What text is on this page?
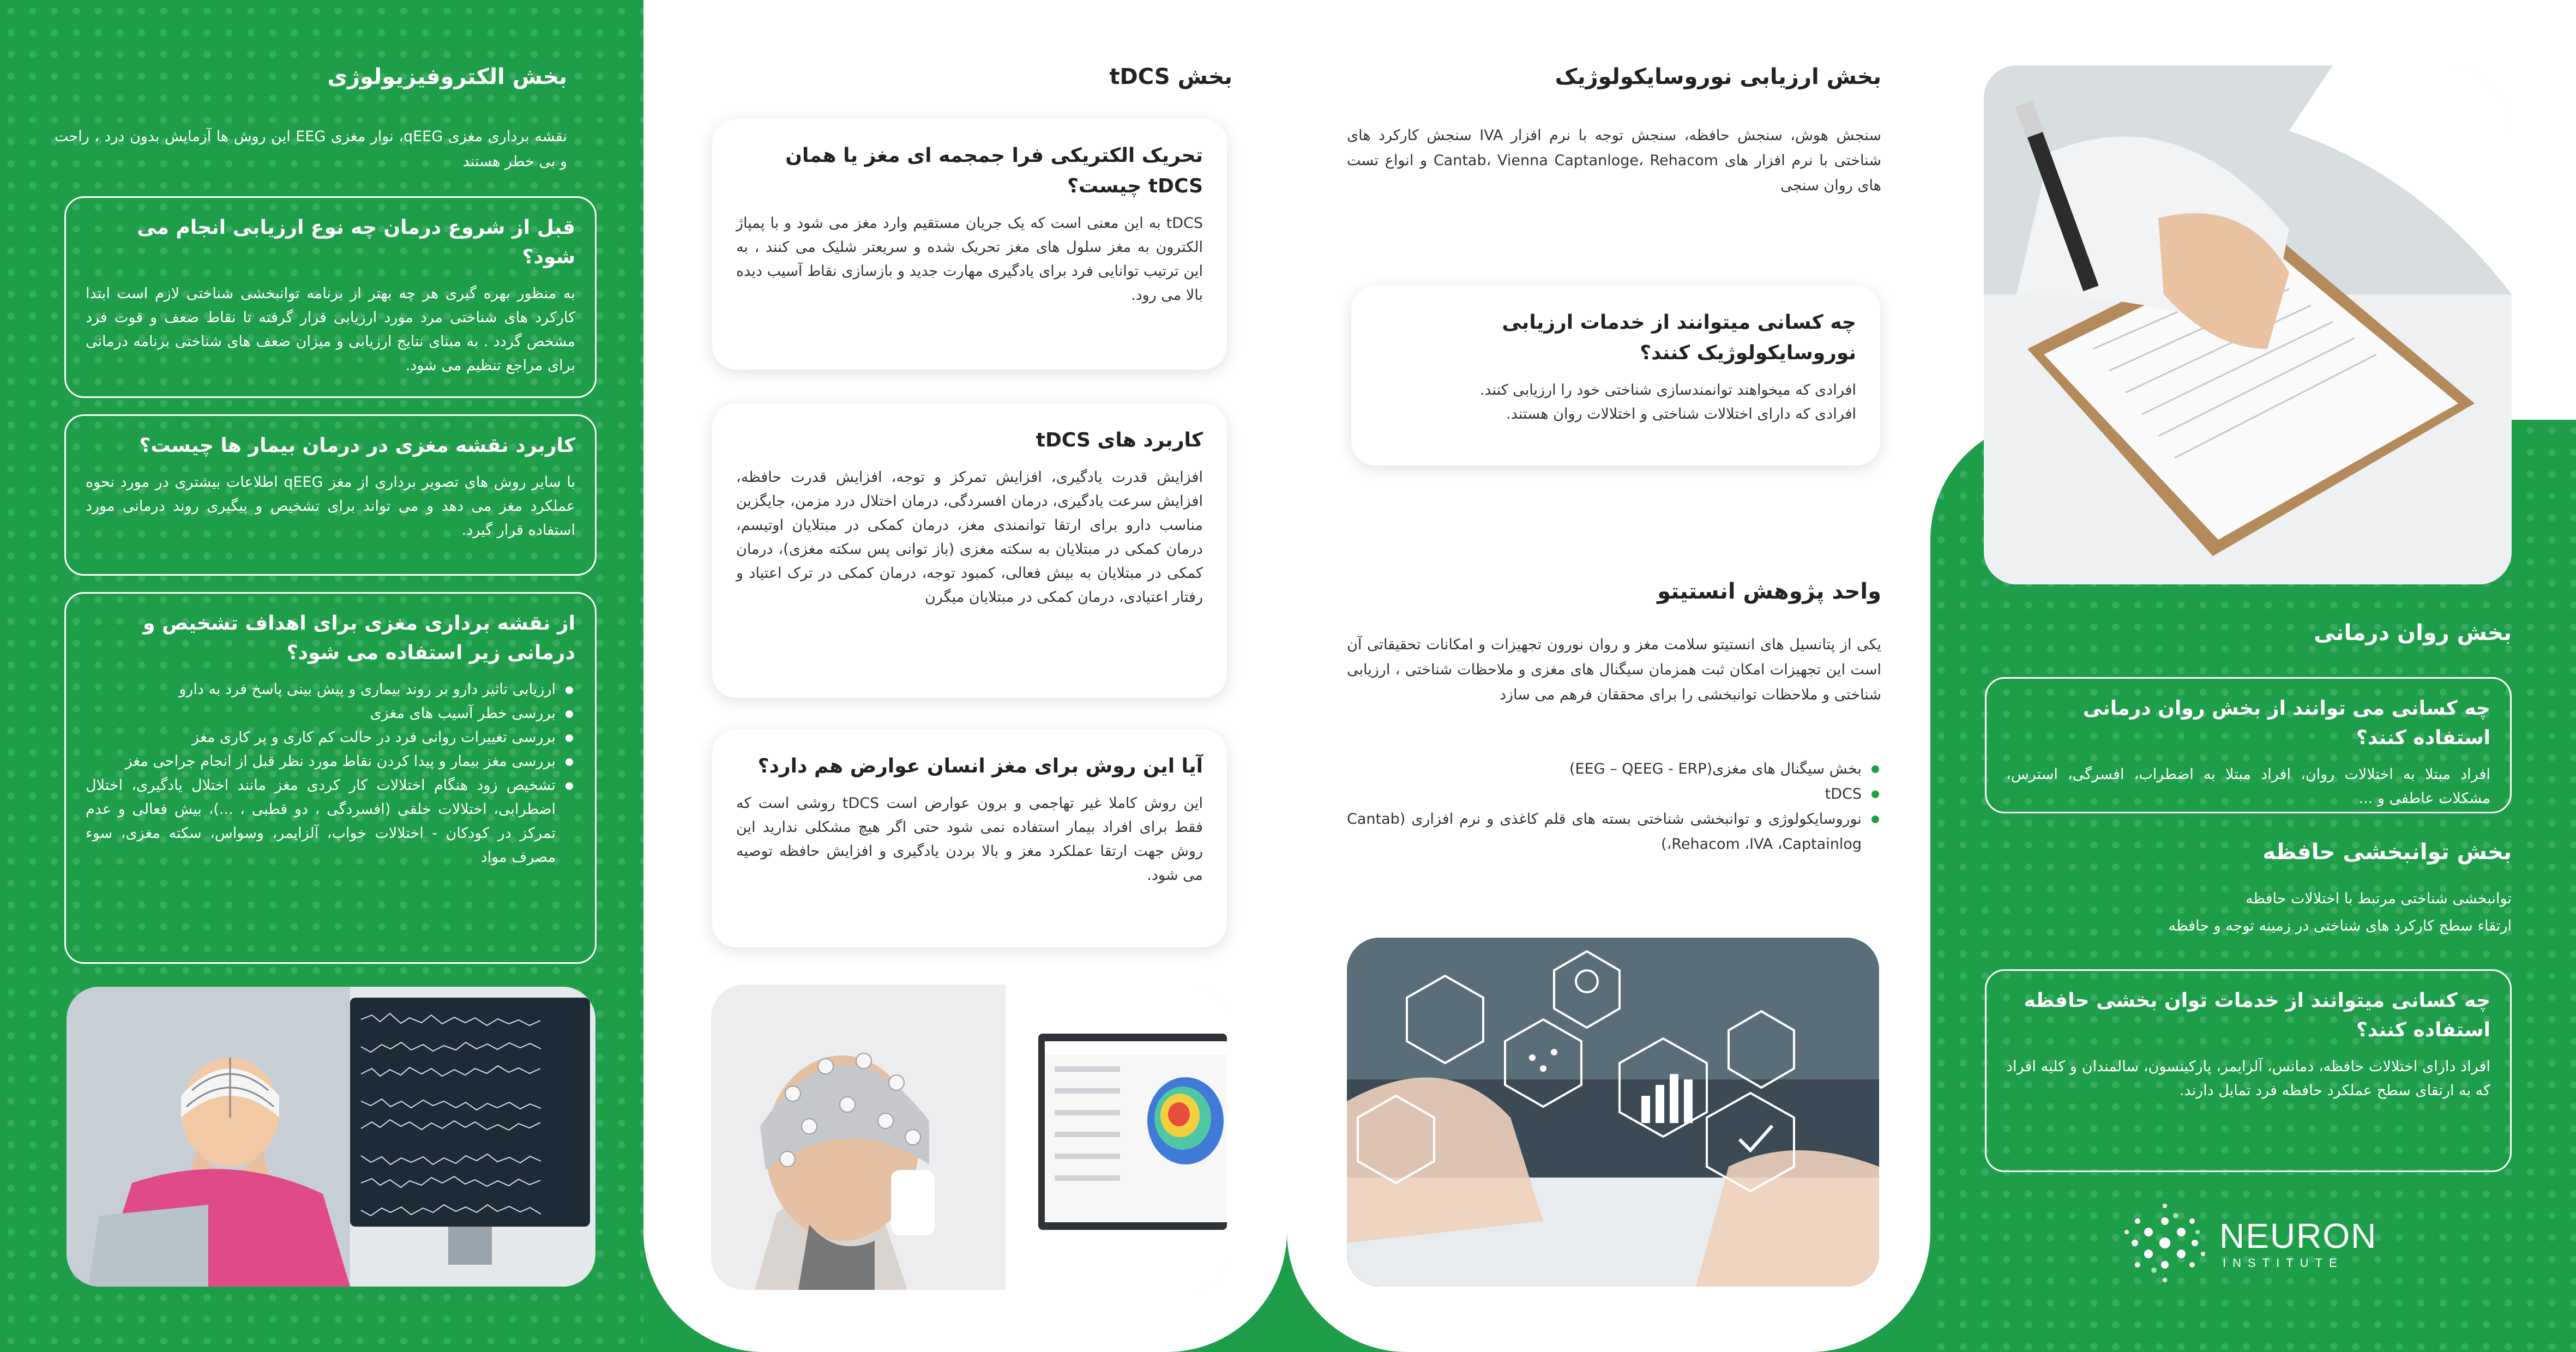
بخش الکتروفیزیولوژی
نقشه برداری مغزی qEEG، نوار مغزی EEG این روش ها آزمایش بدون درد ، راحت و بی خطر هستند
قبل از شروع درمان چه نوع ارزیابی انجام می شود؟
به منظور بهره گیری هر چه بهتر از برنامه توانبخشی شناختی لازم است ابتدا کارکرد های شناختی مرد مورد ارزیابی قرار گرفته تا نقاط ضعف و قوت فرد مشخص گردد . به مبنای نتایج ارزیابی و میزان ضعف های شناختی برنامه درمانی برای مراجع تنظیم می شود.
کاربرد نقشه مغزی در درمان بیمار ها چیست؟
با سایر روش های تصویر برداری از مغز qEEG اطلاعات بیشتری در مورد نحوه عملکرد مغز می دهد و می تواند برای تشخیص و پیگیری روند درمانی مورد استفاده قرار گیرد.
از نقشه برداری مغزی برای اهداف تشخیص و درمانی زیر استفاده می شود؟
ارزیابی تاثیر دارو بر روند بیماری و پیش بینی پاسخ فرد به دارو
بررسی خطر آسیب های مغزی
بررسی تغییرات روانی فرد در حالت کم کاری و پر کاری مغز
بررسی مغز بیمار و پیدا کردن نقاط مورد نظر قبل از انجام جراحی مغز
تشخیص زود هنگام اختلالات کار کردی مغز مانند اختلال یادگیری، اختلال اضطرابی، اختلالات خلقی (افسردگی ، دو قطبی ، ...)، بیش فعالی و عدم تمرکز در کودکان - اختلالات خواب، آلزایمر، وسواس، سکته مغزی، سوء مصرف مواد
بخش tDCS
تحریک الکتریکی فرا جمجمه ای مغز یا همان tDCS چیست؟
tDCS به این معنی است که یک جریان مستقیم وارد مغز می شود و با پمپاژ الکترون به مغز سلول های مغز تحریک شده و سریعتر شلیک می کنند ، به این ترتیب توانایی فرد برای یادگیری مهارت جدید و بازسازی نقاط آسیب دیده بالا می رود.
کاربرد های tDCS
افزایش قدرت یادگیری، افزایش تمرکز و توجه، افزایش قدرت حافظه، افزایش سرعت یادگیری، درمان افسردگی، درمان اختلال درد مزمن، جایگزین مناسب دارو برای ارتقا توانمندی مغز، درمان کمکی در مبتلایان اوتیسم، درمان کمکی در مبتلایان به سکته مغزی (باز توانی پس سکته مغزی)، درمان کمکی در مبتلایان به بیش فعالی، کمبود توجه، درمان کمکی در ترک اعتیاد و رفتار اعتیادی، درمان کمکی در مبتلایان میگرن
آیا این روش برای مغز انسان عوارض هم دارد؟
این روش کاملا غیر تهاجمی و برون عوارض است tDCS روشی است که فقط برای افراد بیمار استفاده نمی شود حتی اگر هیچ مشکلی ندارید این روش جهت ارتقا عملکرد مغز و بالا بردن یادگیری و افزایش حافظه توصیه می شود.
بخش ارزیابی نوروسایکولوژیک
سنجش هوش، سنجش حافظه، سنجش توجه با نرم افزار IVA سنجش کارکرد های شناختی با نرم افزار های Cantab، Vienna Captanloge، Rehacom و انواع تست های روان سنجی
چه کسانی میتوانند از خدمات ارزیابی نوروسایکولوژیک کنند؟
افرادی که میخواهند توانمندسازی شناختی خود را ارزیابی کنند.
افرادی که دارای اختلالات شناختی و اختلالات روان هستند.
واحد پژوهش انستیتو
یکی از پتانسیل های انستیتو سلامت مغز و روان نورون تجهیزات و امکانات تحقیقاتی آن است این تجهیزات امکان ثبت همزمان سیگنال های مغزی و ملاحظات شناختی ، ارزیابی شناختی و ملاحظات توانبخشی را برای محققان فرهم می سازد
بخش سیگنال های مغزی(EEG – QEEG - ERP)
tDCS
نوروسایکولوژی و توانبخشی شناختی بسته های قلم کاغذی و نرم افزاری (Cantab ،Rehacom ،IVA ،Captainlog)
بخش روان درمانی
چه کسانی می توانند از بخش روان درمانی استفاده کنند؟
افراد مبتلا به اختلالات روان، افراد مبتلا به اضطراب، افسرگی، استرس، مشکلات عاطفی و ...
بخش توانبخشی حافظه
توانبخشی شناختی مرتبط با اختلالات حافظه
ارتقاء سطح کارکرد های شناختی در زمینه توجه و حافظه
چه کسانی میتوانند از خدمات توان بخشی حافظه استفاده کنند؟
افراد دارای اختلالات حافظه، دمانس، آلزایمر، پارکینسون، سالمندان و کلیه افراد که به ارتقای سطح عملکرد حافظه فرد تمایل دارند.
NEURON
INSTITUTE
